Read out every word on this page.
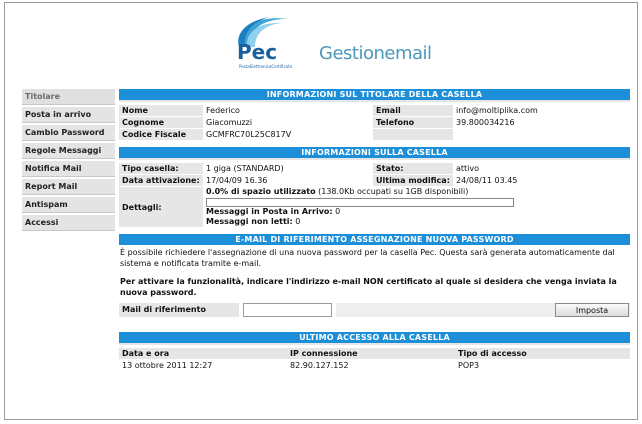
Pec
PostaElettronicaCertificata
Gestionemail
Titolare
Posta in arrivo
Cambio Password
Regole Messaggi
Notifica Mail
Report Mail
Antispam
Accessi
INFORMAZIONI SUL TITOLARE DELLA CASELLA
Nome	Federico	Email	info@moltiplika.com
Cognome	Giacomuzzi	Telefono	39.800034216
Codice Fiscale	GCMFRC70L25C817V		
INFORMAZIONI SULLA CASELLA
Tipo casella:	1 giga (STANDARD)	Stato:	attivo
Data attivazione:	17/04/09 16.36	Ultima modifica:	24/08/11 03.45
Dettagli:	0.0% di spazio utilizzato (138.0Kb occupati su 1GB disponibili)
Messaggi in Posta in Arrivo: 0
Messaggi non letti: 0		
E-MAIL DI RIFERIMENTO ASSEGNAZIONE NUOVA PASSWORD
È possibile richiedere l'assegnazione di una nuova password per la casella Pec. Questa sarà generata automaticamente dal sistema e notificata tramite e-mail.
Per attivare la funzionalità, indicare l'indirizzo e-mail NON certificato al quale si desidera che venga inviata la nuova password.
Mail di riferimento	Imposta
ULTIMO ACCESSO ALLA CASELLA
Data e ora	IP connessione	Tipo di accesso
13 ottobre 2011 12:27	82.90.127.152	POP3
